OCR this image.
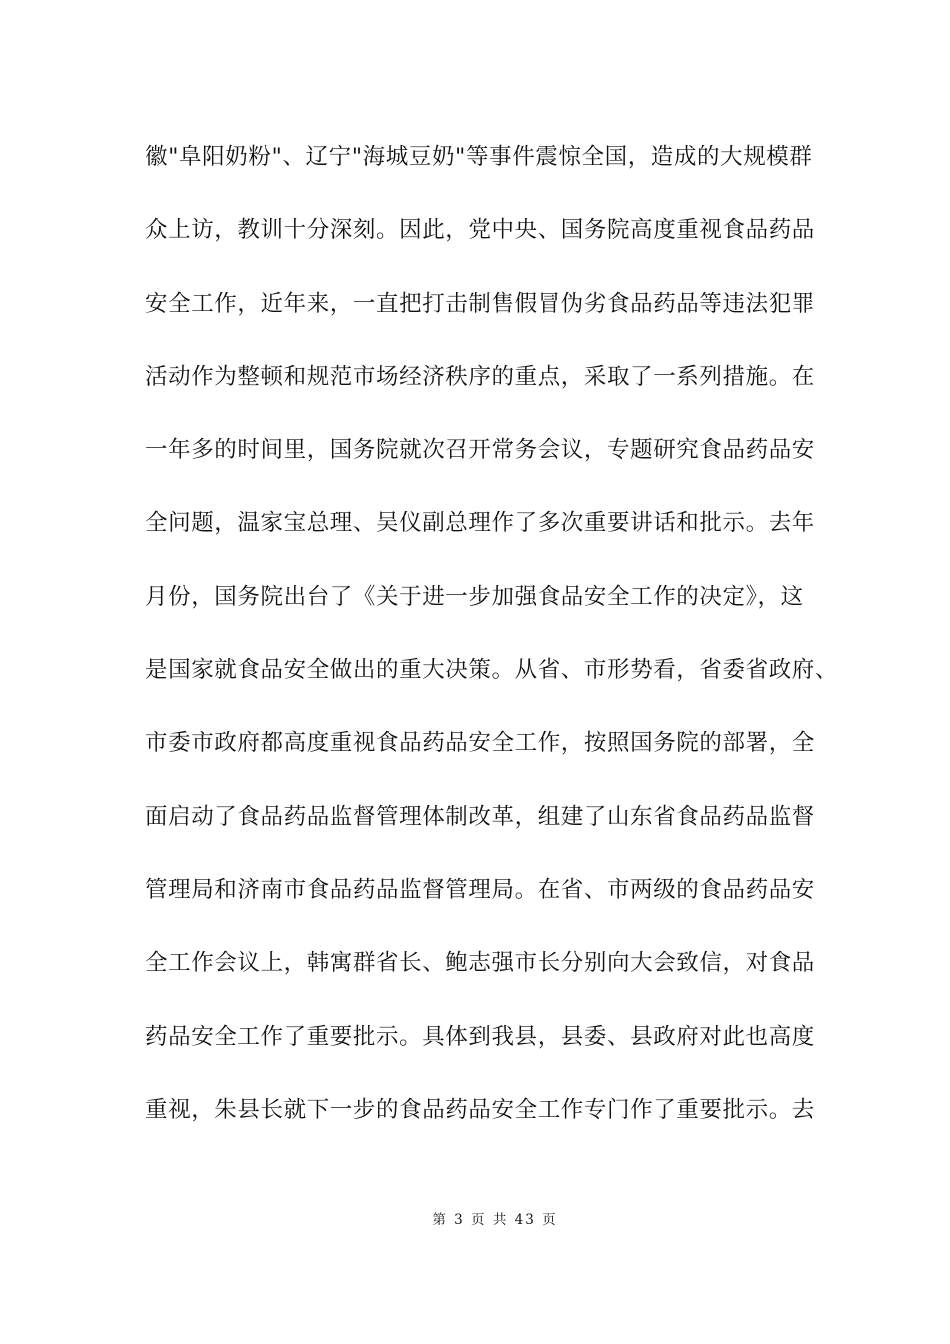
徽"阜阳奶粉"、辽宁"海城豆奶"等事件震惊全国，造成的大规模群
众上访，教训十分深刻。因此，党中央、国务院高度重视食品药品
安全工作，近年来，一直把打击制售假冒伪劣食品药品等违法犯罪
活动作为整顿和规范市场经济秩序的重点，采取了一系列措施。在
一年多的时间里，国务院就次召开常务会议，专题研究食品药品安
全问题，温家宝总理、吴仪副总理作了多次重要讲话和批示。去年
月份，国务院出台了《关于进一步加强食品安全工作的决定》，这
是国家就食品安全做出的重大决策。从省、市形势看，省委省政府、
市委市政府都高度重视食品药品安全工作，按照国务院的部署，全
面启动了食品药品监督管理体制改革，组建了山东省食品药品监督
管理局和济南市食品药品监督管理局。在省、市两级的食品药品安
全工作会议上，韩寓群省长、鲍志强市长分别向大会致信，对食品
药品安全工作了重要批示。具体到我县，县委、县政府对此也高度
重视，朱县长就下一步的食品药品安全工作专门作了重要批示。去
第 3 页 共 43 页
